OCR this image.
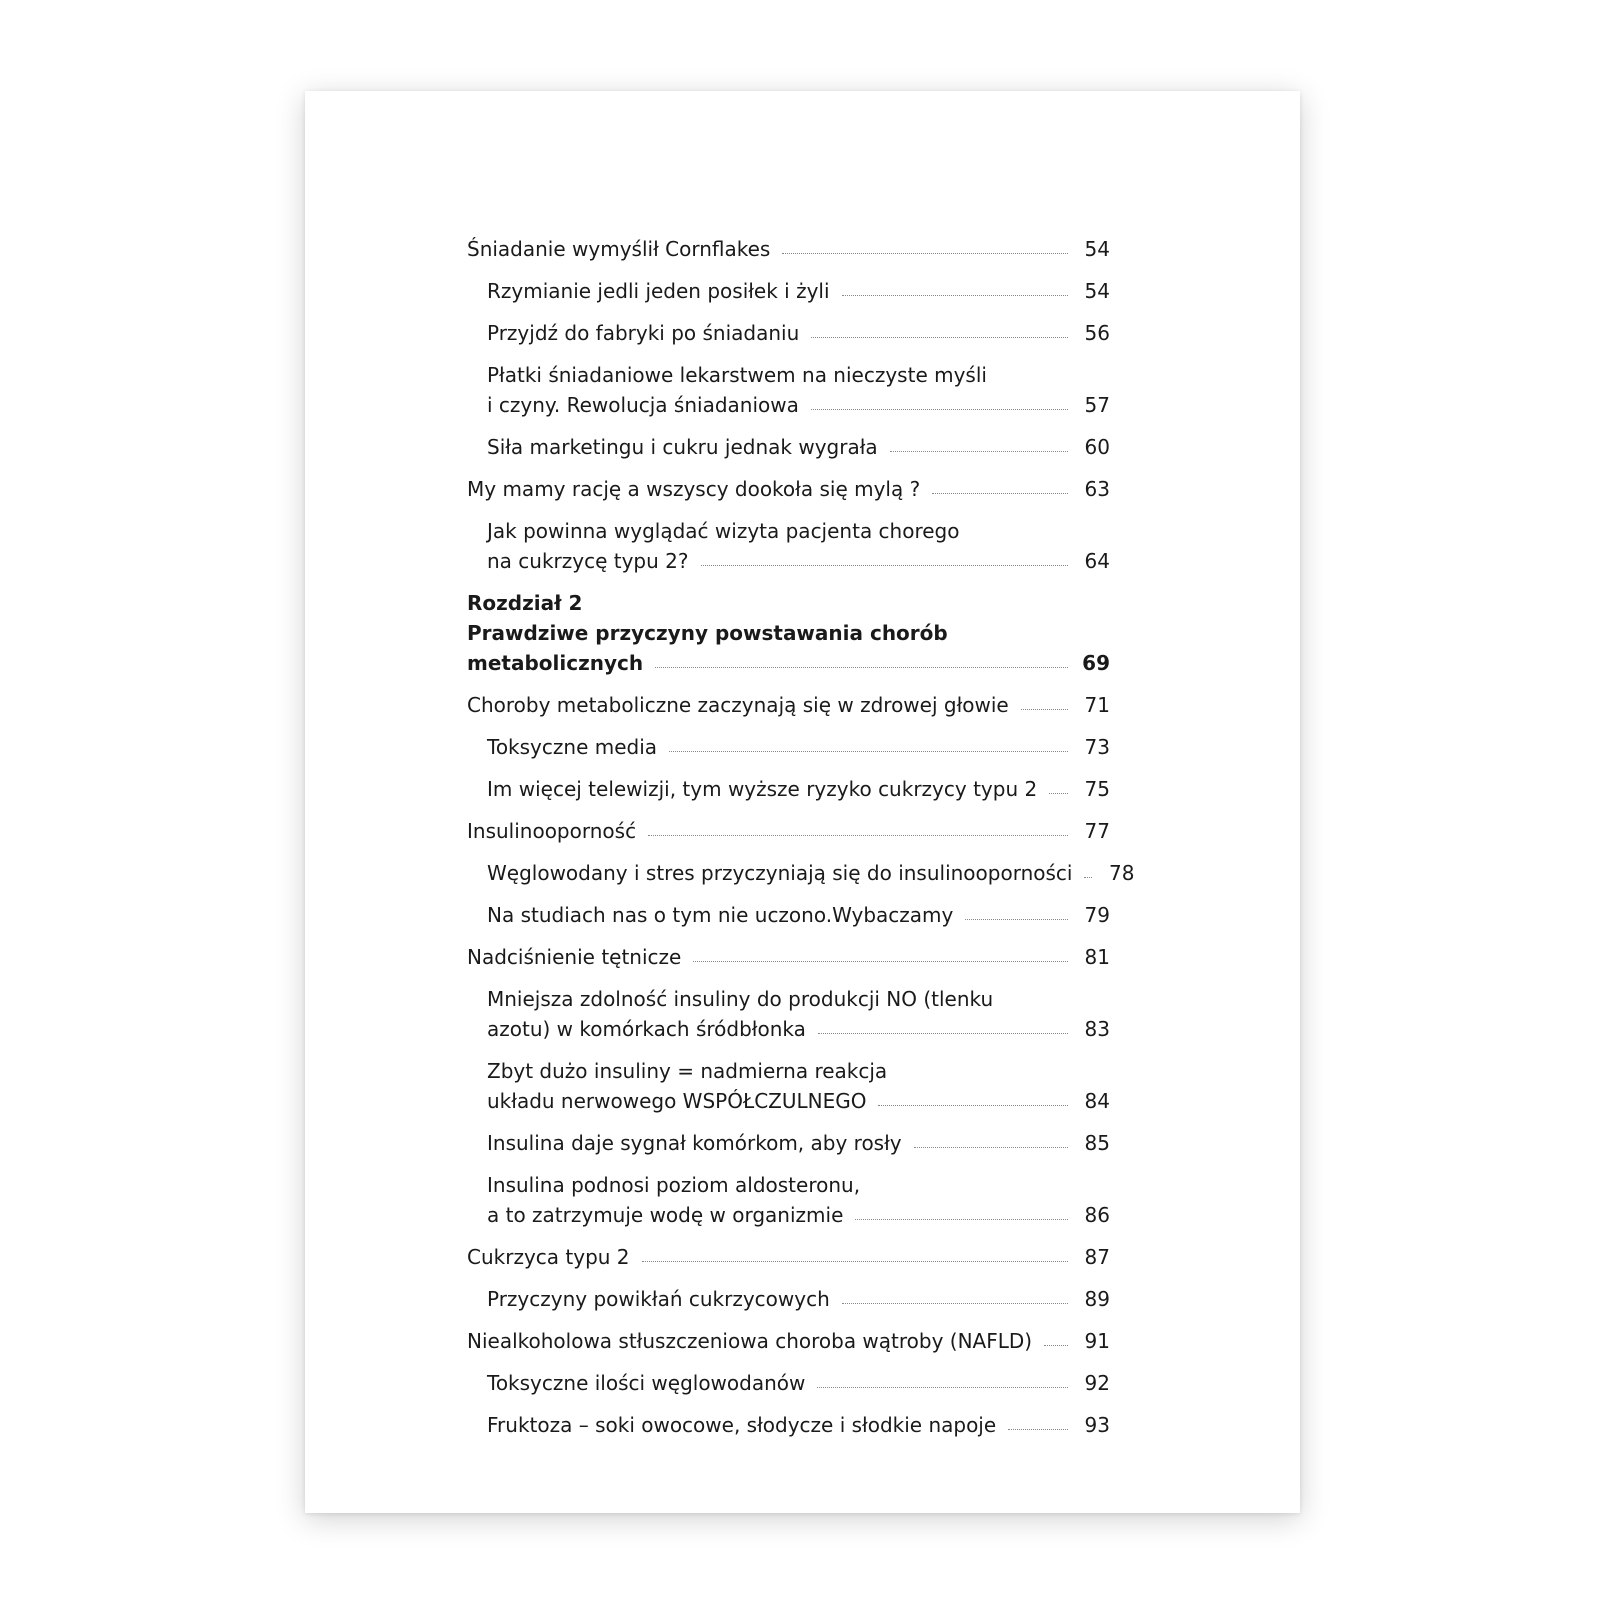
Śniadanie wymyślił Cornflakes	54
Rzymianie jedli jeden posiłek i żyli	54
Przyjdź do fabryki po śniadaniu	56
Płatki śniadaniowe lekarstwem na nieczyste myśli
i czyny. Rewolucja śniadaniowa	57
Siła marketingu i cukru jednak wygrała	60
My mamy rację a wszyscy dookoła się mylą ?	63
Jak powinna wyglądać wizyta pacjenta chorego
na cukrzycę typu 2?	64
Rozdział 2
Prawdziwe przyczyny powstawania chorób
metabolicznych	69
Choroby metaboliczne zaczynają się w zdrowej głowie	71
Toksyczne media	73
Im więcej telewizji, tym wyższe ryzyko cukrzycy typu 2 75
Insulinooporność	77
Węglowodany i stres przyczyniają się do insulinooporności 78
Na studiach nas o tym nie uczono.Wybaczamy	79
Nadciśnienie tętnicze	81
Mniejsza zdolność insuliny do produkcji NO (tlenku
azotu) w komórkach śródbłonka	83
Zbyt dużo insuliny = nadmierna reakcja
układu nerwowego WSPÓŁCZULNEGO	84
Insulina daje sygnał komórkom, aby rosły	85
Insulina podnosi poziom aldosteronu,
a to zatrzymuje wodę w organizmie	86
Cukrzyca typu 2	87
Przyczyny powikłań cukrzycowych	89
Niealkoholowa stłuszczeniowa choroba wątroby (NAFLD)	91
Toksyczne ilości węglowodanów	92
Fruktoza – soki owocowe, słodycze i słodkie napoje	93
